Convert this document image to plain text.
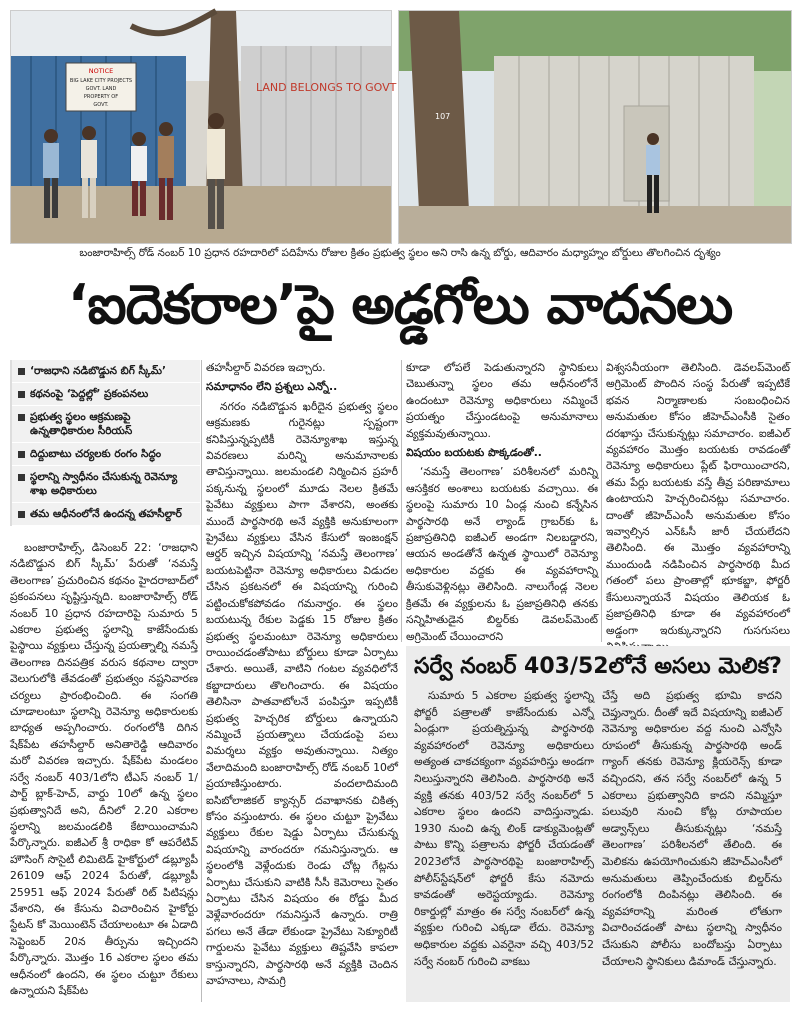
NOTICE
BIG LAKE CITY PROJECTS
GOVT. LAND
PROPERTY OF
GOVT.
LAND BELONGS TO GOVT
107
బంజారాహిల్స్ రోడ్ నంబర్ 10 ప్రధాన రహదారిలో పదిహేను రోజుల క్రితం ప్రభుత్వ స్థలం అని రాసి ఉన్న బోర్డు, ఆదివారం మధ్యాహ్నం బోర్డులు తొలగించిన దృశ్యం
‘ఐదెకరాల’పై అడ్డగోలు వాదనలు
‘రాజధాని నడిబొడ్డున బిగ్ స్కీమ్’
కథనంపై ‘పెద్దల్లో’ ప్రకంపనలు
ప్రభుత్వ స్థలం ఆక్రమణపై ఉన్నతాధికారుల సీరియస్
దిద్దుబాటు చర్యలకు రంగం సిద్ధం
స్థలాన్ని స్వాధీనం చేసుకున్న రెవెన్యూ శాఖ అధికారులు
తమ ఆధీనంలోనే ఉందన్న తహసీల్దార్

బంజారాహిల్స్, డిసెంబర్ 22: ‘రాజధాని నడిబొడ్డున బిగ్ స్కీమ్’ పేరుతో ‘నమస్తే తెలంగాణ’ ప్రచురించిన కథనం హైదరాబాద్‌లో ప్రకంపనలు సృష్టిస్తున్నది. బంజారాహిల్స్ రోడ్ నంబర్ 10 ప్రధాన రహదారిపై సుమారు 5 ఎకరాల ప్రభుత్వ స్థలాన్ని కాజేసేందుకు పైస్థాయి వ్యక్తులు చేస్తున్న ప్రయత్నాల్ని నమస్తే తెలంగాణ దినపత్రిక వరుస కథనాల ద్వారా వెలుగులోకి తేవడంతో ప్రభుత్వం నష్టనివారణ చర్యలు ప్రారంభించింది. ఈ సంగతి చూడాలంటూ స్థలాన్ని రెవెన్యూ అధికారులకు బాధ్యత అప్పగించారు. రంగంలోకి దిగిన షేక్‌పేట తహసీల్దార్ అనితారెడ్డి ఆదివారం మరో వివరణ ఇచ్చారు. షేక్‌పేట మండలం సర్వే నంబర్ 403/1లోని టీఎస్ నంబర్ 1/పార్ట్ బ్లాక్-హెచ్, వార్డు 10లో ఉన్న స్థలం ప్రభుత్వానిదే అని, దీనిలో 2.20 ఎకరాల స్థలాన్ని జలమండలికి కేటాయించామని పేర్కొన్నారు. ఐజీఎల్ శ్రీ రాధికా కో ఆపరేటివ్ హౌసింగ్ సొసైటీ లిమిటెడ్ హైకోర్టులో డబ్ల్యూపీ 26109 ఆఫ్ 2024 పేరుతో, డబ్ల్యూపీ 25951 ఆఫ్ 2024 పేరుతో రిట్ పిటిషన్లు వేశారని, ఈ కేసును విచారించిన హైకోర్టు స్టేటస్ కో మెయింటెన్ చేయాలంటూ ఈ ఏడాది సెప్టెంబర్ 20న తీర్పును ఇచ్చిందని పేర్కొన్నారు. మొత్తం 16 ఎకరాల స్థలం తమ ఆధీనంలో ఉందని, ఈ స్థలం చుట్టూ రేకులు ఉన్నాయని షేక్‌పేట

తహసీల్దార్ వివరణ ఇచ్చారు.

సమాధానం లేని ప్రశ్నలు ఎన్నో..

నగరం నడిబొడ్డున ఖరీదైన ప్రభుత్వ స్థలం ఆక్రమణకు గురైనట్లు స్పష్టంగా కనిపిస్తున్నప్పటికీ రెవెన్యూశాఖ ఇస్తున్న వివరణలు మరిన్ని అనుమానాలకు తావిస్తున్నాయి. జలమండలి నిర్మించిన ప్రహరీ పక్కనున్న స్థలంలో మూడు నెలల క్రితమే పైవేటు వ్యక్తులు పాగా వేశారని, అంతకు ముందే పార్థసారథి అనే వ్యక్తికి అనుకూలంగా ప్రైవేటు వ్యక్తులు వేసిన కేసులో ఇంజంక్షన్ ఆర్డర్ ఇచ్చిన విషయాన్ని ‘నమస్తే తెలంగాణ’ బయటపెట్టినా రెవెన్యూ అధికారులు విడుదల చేసిన ప్రకటనలో ఈ విషయాన్ని గురించి పట్టించుకోకపోవడం గమనార్హం. ఈ స్థలం బయటున్న రేకుల పెడ్డకు 15 రోజుల క్రితం ప్రభుత్వ స్థలమంటూ రెవెన్యూ అధికారులు రాయించడంతోపాటు బోర్డులు కూడా ఏర్పాటు చేశారు. అయితే, వాటిని గంటల వ్యవధిలోనే కబ్జాదారులు తొలగించారు. ఈ విషయం తెలిసినా పాతవాటోలనే పంపిస్తూ ఇప్పటికీ ప్రభుత్వ హెచ్చరిక బోర్డులు ఉన్నాయని నమ్మించే ప్రయత్నాలు చేయడంపై పలు విమర్శలు వ్యక్తం అవుతున్నాయి. నిత్యం వేలాదిమంది బంజారాహిల్స్ రోడ్ నంబర్ 10లో ప్రయాణిస్తుంటారు. వందలాదిమంది ఐసిబోలాజికల్ క్యాన్సర్ దవాఖానకు చికిత్స కోసం వస్తుంటారు. ఈ స్థలం చుట్టూ ప్రైవేటు వ్యక్తులు రేకుల షెడ్డు ఏర్పాటు చేసుకున్న విషయాన్ని వారందరూ గమనిస్తున్నారు. ఆ స్థలంలోకి వెళ్లేందుకు రెండు చోట్ల గేట్లను ఏర్పాటు చేసుకుని వాటికి సీసీ కెమెరాలు సైతం ఏర్పాటు చేసిన విషయం ఈ రోడ్డు మీద వెళ్లేవారందరూ గమనిస్తునే ఉన్నారు. రాత్రి పగలు అనే తేడా లేకుండా ప్రైవేటు సెక్యూరిటీ గార్డులను పైవేటు వ్యక్తులు తిష్టవేసి కాపలా కాస్తున్నారని, పార్థసారథి అనే వ్యక్తికి చెందిన వాహనాలు, సామగ్రి

కూడా లోపలే పెడుతున్నారని స్థానికులు చెబుతున్నా స్థలం తమ ఆధీనంలోనే ఉందంటూ రెవెన్యూ అధికారులు నమ్మించే ప్రయత్నం చేస్తుండటంపై అనుమానాలు వ్యక్తమవుతున్నాయి.

విషయం బయటకు పొక్కడంతో..

‘నమస్తే తెలంగాణ’ పరిశీలనలో మరిన్ని ఆసక్తికర అంశాలు బయటకు వచ్చాయి. ఈ స్థలంపై సుమారు 10 ఏండ్ల నుంచి కన్నేసిన పార్థసారథి అనే ల్యాండ్ గ్రాబర్‌కు ఓ ప్రజాప్రతినిధి ఐజీఎల్ అండగా నిలబడ్డారని, ఆయన అండతోనే ఉన్నత స్థాయిలో రెవెన్యూ అధికారుల వద్దకు ఈ వ్యవహారాన్ని తీసుకువెళ్లినట్లు తెలిసింది. నాలుగేండ్ల నెలల క్రితమే ఈ వ్యక్తులను ఓ ప్రజాప్రతినిధి తనకు సన్నిహితుడైన బిల్డర్‌కు డెవలప్‌మెంట్ అగ్రిమెంట్ చేయించారని

విశ్వసనీయంగా తెలిసింది. డెవలప్‌మెంట్ అగ్రిమెంట్ పొందిన సంస్థ పేరుతో ఇప్పటికే భవన నిర్మాణాలకు సంబంధించిన అనుమతుల కోసం జీహెచ్‌ఎంసీకి సైతం దరఖాస్తు చేసుకున్నట్లు సమాచారం. ఐజీఎల్ వ్యవహారం మొత్తం బయటకు రావడంతో రెవెన్యూ అధికారులు ప్లేట్ ఫిరాయించారని, తమ పేర్లు బయటకు వస్తే తీవ్ర పరిణామాలు ఉంటాయని హెచ్చరించినట్లు సమాచారం. దాంతో జీహెచ్‌ఎంసీ అనుమతుల కోసం ఇవ్వాల్సిన ఎన్‌ఓసీ జారీ చేయలేదని తెలిసింది. ఈ మొత్తం వ్యవహారాన్ని ముందుండి నడిపించిన పార్థసారథి మీద గతంలో పలు ప్రాంతాల్లో భూకబ్జా, ఫోర్జరీ కేసులున్నాయనే విషయం తెలియక ఓ ప్రజాప్రతినిధి కూడా ఈ వ్యవహారంలో అడ్డంగా ఇరుక్కున్నారని గుసగుసలు

సర్వే నంబర్ 403/52లోనే అసలు మెలిక?

సుమారు 5 ఎకరాల ప్రభుత్వ స్థలాన్ని ఫోర్జరీ పత్రాలతో కాజేసేందుకు ఎన్నో ఏండ్లుగా ప్రయత్నిస్తున్న పార్థసారథి వ్యవహారంలో రెవెన్యూ అధికారులు అత్యంత చాకచక్యంగా వ్యవహరిస్తు అండగా నిలుస్తున్నారని తెలిసింది. పార్థసారథి అనే వ్యక్తి తనకు 403/52 సర్వే నంబర్‌లో 5 ఎకరాల స్థలం ఉందని వాదిస్తున్నాడు. 1930 నుంచి ఉన్న లింక్ డాక్యుమెంట్లతో పాటు కొన్ని పత్రాలను ఫోర్జరీ చేయడంతో 2023లోనే పార్థసారథిపై బంజారాహిల్స్ పోలీస్‌స్టేషన్‌లో ఫోర్జరీ కేసు నమోదు కావడంతో అరెస్టయ్యాడు. రెవెన్యూ రికార్డుల్లో మాత్రం ఈ సర్వే నంబర్‌లో ఉన్న వ్యక్తుల గురించి ఎక్కడా లేదు. రెవెన్యూ అధికారుల వద్దకు ఎవరైనా వచ్చి 403/52 సర్వే నంబర్ గురించి వాకబు

చేస్తే అది ప్రభుత్వ భూమి కాదని చెప్తున్నారు. దీంతో ఇదే విషయాన్ని ఐజీఎల్ నెవెన్యూ అధికారుల వద్ద నుంచి ఎన్వోసి రూపంలో తీసుకున్న పార్థసారథి అండ్ గ్యాంగ్ తనకు రెవెన్యూ క్లియరెన్స్ కూడా వచ్చిందని, తన సర్వే నంబర్‌లో ఉన్న 5 ఎకరాలు ప్రభుత్వానిది కాదని నమ్మిస్తూ పలువురి నుంచి కోట్ల రూపాయల అడ్వాన్స్‌లు తీసుకున్నట్లు ‘నమస్తే తెలంగాణ’ పరిశీలనలో తేలింది. ఈ మెలికను ఉపయోగించుకుని జీహెచ్‌ఎంసీలో అనుమతులు తెప్పించేందుకు బిల్డర్‌ను రంగంలోకి దింపినట్లు తెలిసింది. ఈ వ్యవహారాన్ని మరింత లోతుగా విచారించడంతో పాటు స్థలాన్ని స్వాధీనం చేసుకుని పోలీసు బందోబస్తు ఏర్పాటు చేయాలని స్థానికులు డిమాండ్ చేస్తున్నారు.
